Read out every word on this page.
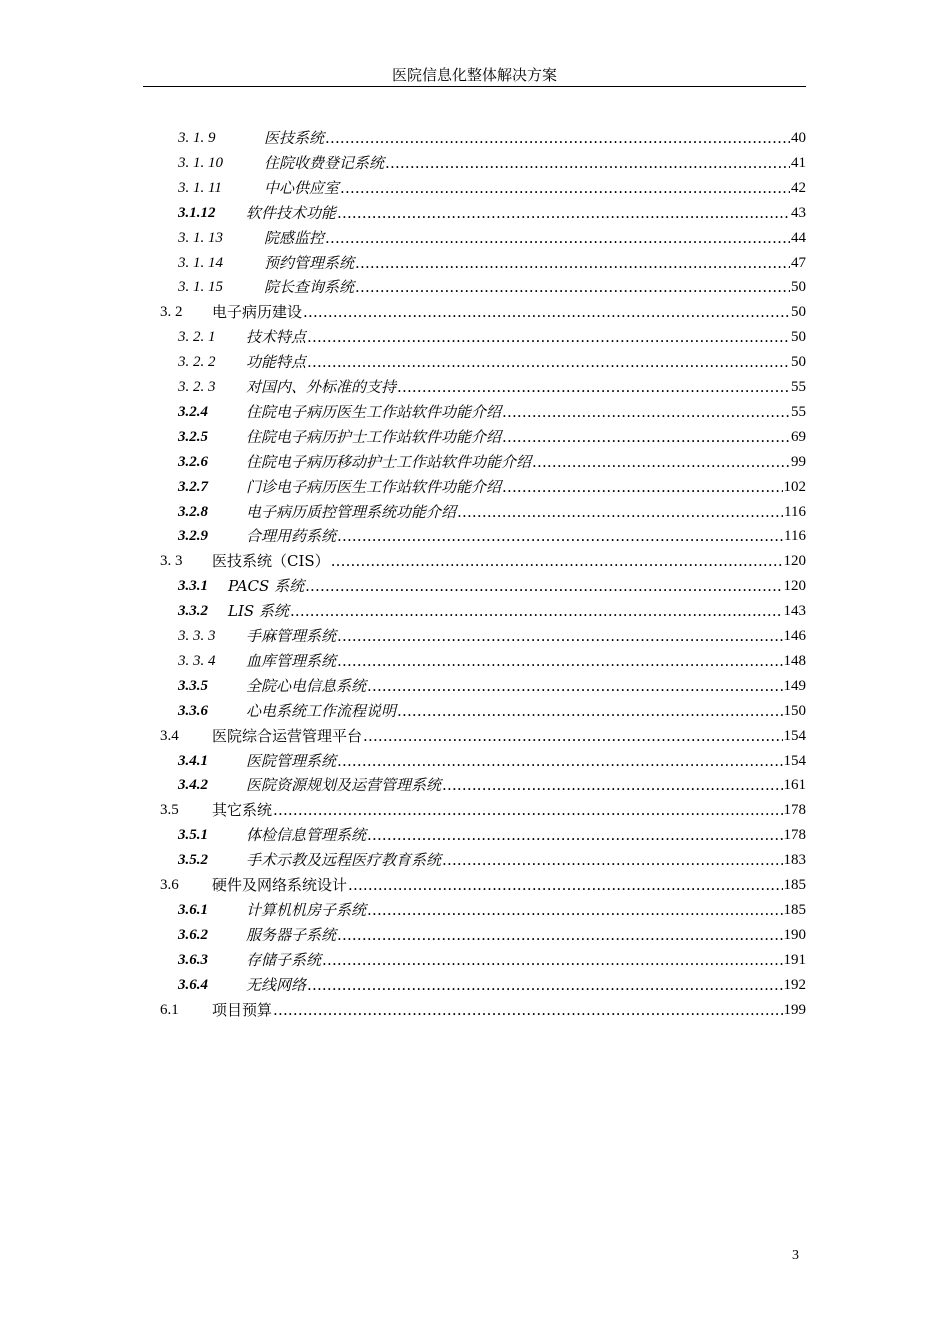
医院信息化整体解决方案
3. 1. 9	医技系统 .....	40
3. 1. 10	住院收费登记系统 .....	41
3. 1. 11	中心供应室 .....	42
3.1.12	软件技术功能 .....	43
3. 1. 13	院感监控 .....	44
3. 1. 14	预约管理系统 .....	47
3. 1. 15	院长查询系统 .....	50
3. 2	电子病历建设 .....	50
3. 2. 1	技术特点 .....	50
3. 2. 2	功能特点 .....	50
3. 2. 3	对国内、外标准的支持 .....	55
3.2.4	住院电子病历医生工作站软件功能介绍 .....	55
3.2.5	住院电子病历护士工作站软件功能介绍 .....	69
3.2.6	住院电子病历移动护士工作站软件功能介绍 .....	99
3.2.7	门诊电子病历医生工作站软件功能介绍 .....	102
3.2.8	电子病历质控管理系统功能介绍 .....	116
3.2.9	合理用药系统 .....	116
3. 3	医技系统（CIS） .....	120
3.3.1	PACS 系统 .....	120
3.3.2	LIS 系统 .....	143
3. 3. 3	手麻管理系统 .....	146
3. 3. 4	血库管理系统 .....	148
3.3.5	全院心电信息系统 .....	149
3.3.6	心电系统工作流程说明 .....	150
3.4	医院综合运营管理平台 .....	154
3.4.1	医院管理系统 .....	154
3.4.2	医院资源规划及运营管理系统 .....	161
3.5	其它系统 .....	178
3.5.1	体检信息管理系统 .....	178
3.5.2	手术示教及远程医疗教育系统 .....	183
3.6	硬件及网络系统设计 .....	185
3.6.1	计算机机房子系统 .....	185
3.6.2	服务器子系统 .....	190
3.6.3	存储子系统 .....	191
3.6.4	无线网络 .....	192
6.1	项目预算 .....	199
3
